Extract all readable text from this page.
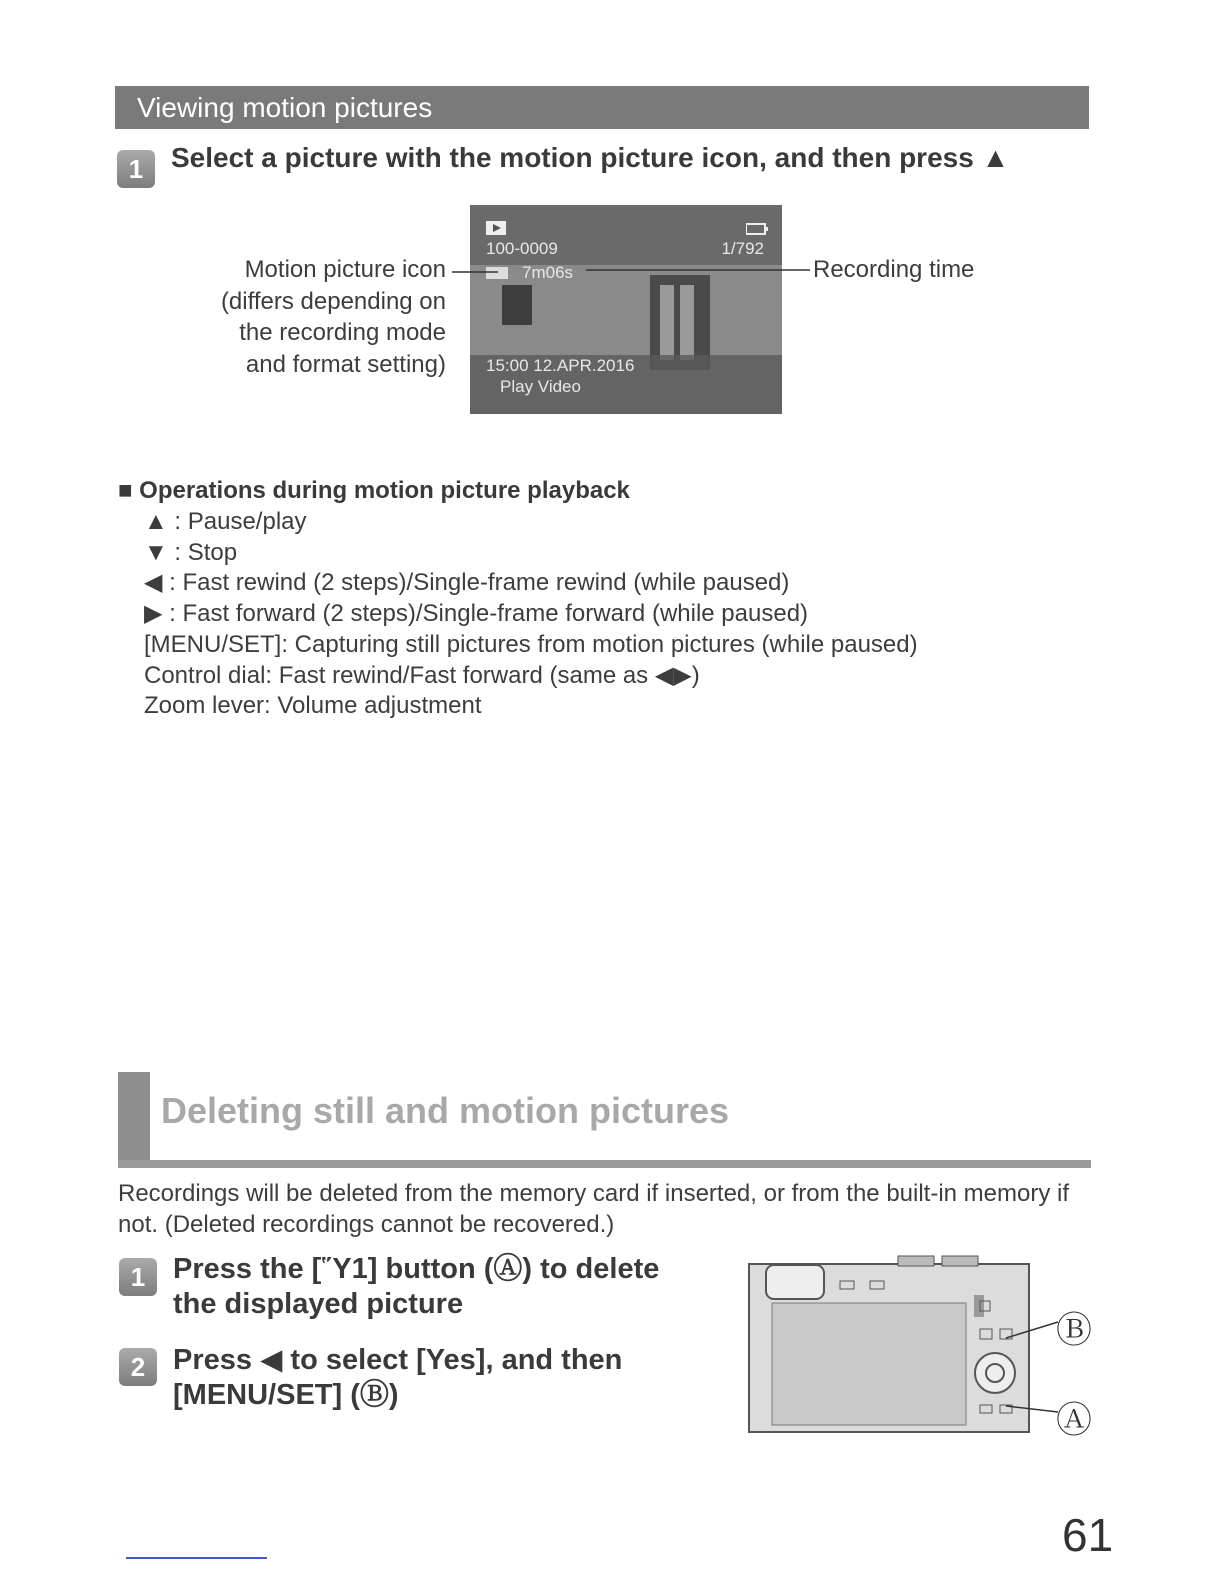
Viewing motion pictures
1 Select a picture with the motion picture icon, and then press ▲
100-0009	1/792
7m06s
15:00 12.APR.2016
Play Video
Motion picture icon
(differs depending on
the recording mode
and format setting)
Recording time
■ Operations during motion picture playback
▲ : Pause/play
▼ : Stop
◀ : Fast rewind (2 steps)/Single-frame rewind (while paused)
▶ : Fast forward (2 steps)/Single-frame forward (while paused)
[MENU/SET]: Capturing still pictures from motion pictures (while paused)
Control dial: Fast rewind/Fast forward (same as ◀▶)
Zoom lever: Volume adjustment
Deleting still and motion pictures
Recordings will be deleted from the memory card if inserted, or from the built-in memory if not. (Deleted recordings cannot be recovered.)
1 Press the [Ὕ1] button (Ⓐ) to delete
the displayed picture
2 Press ◀ to select [Yes], and then
[MENU/SET] (Ⓑ)
Ⓑ
Ⓐ
61
